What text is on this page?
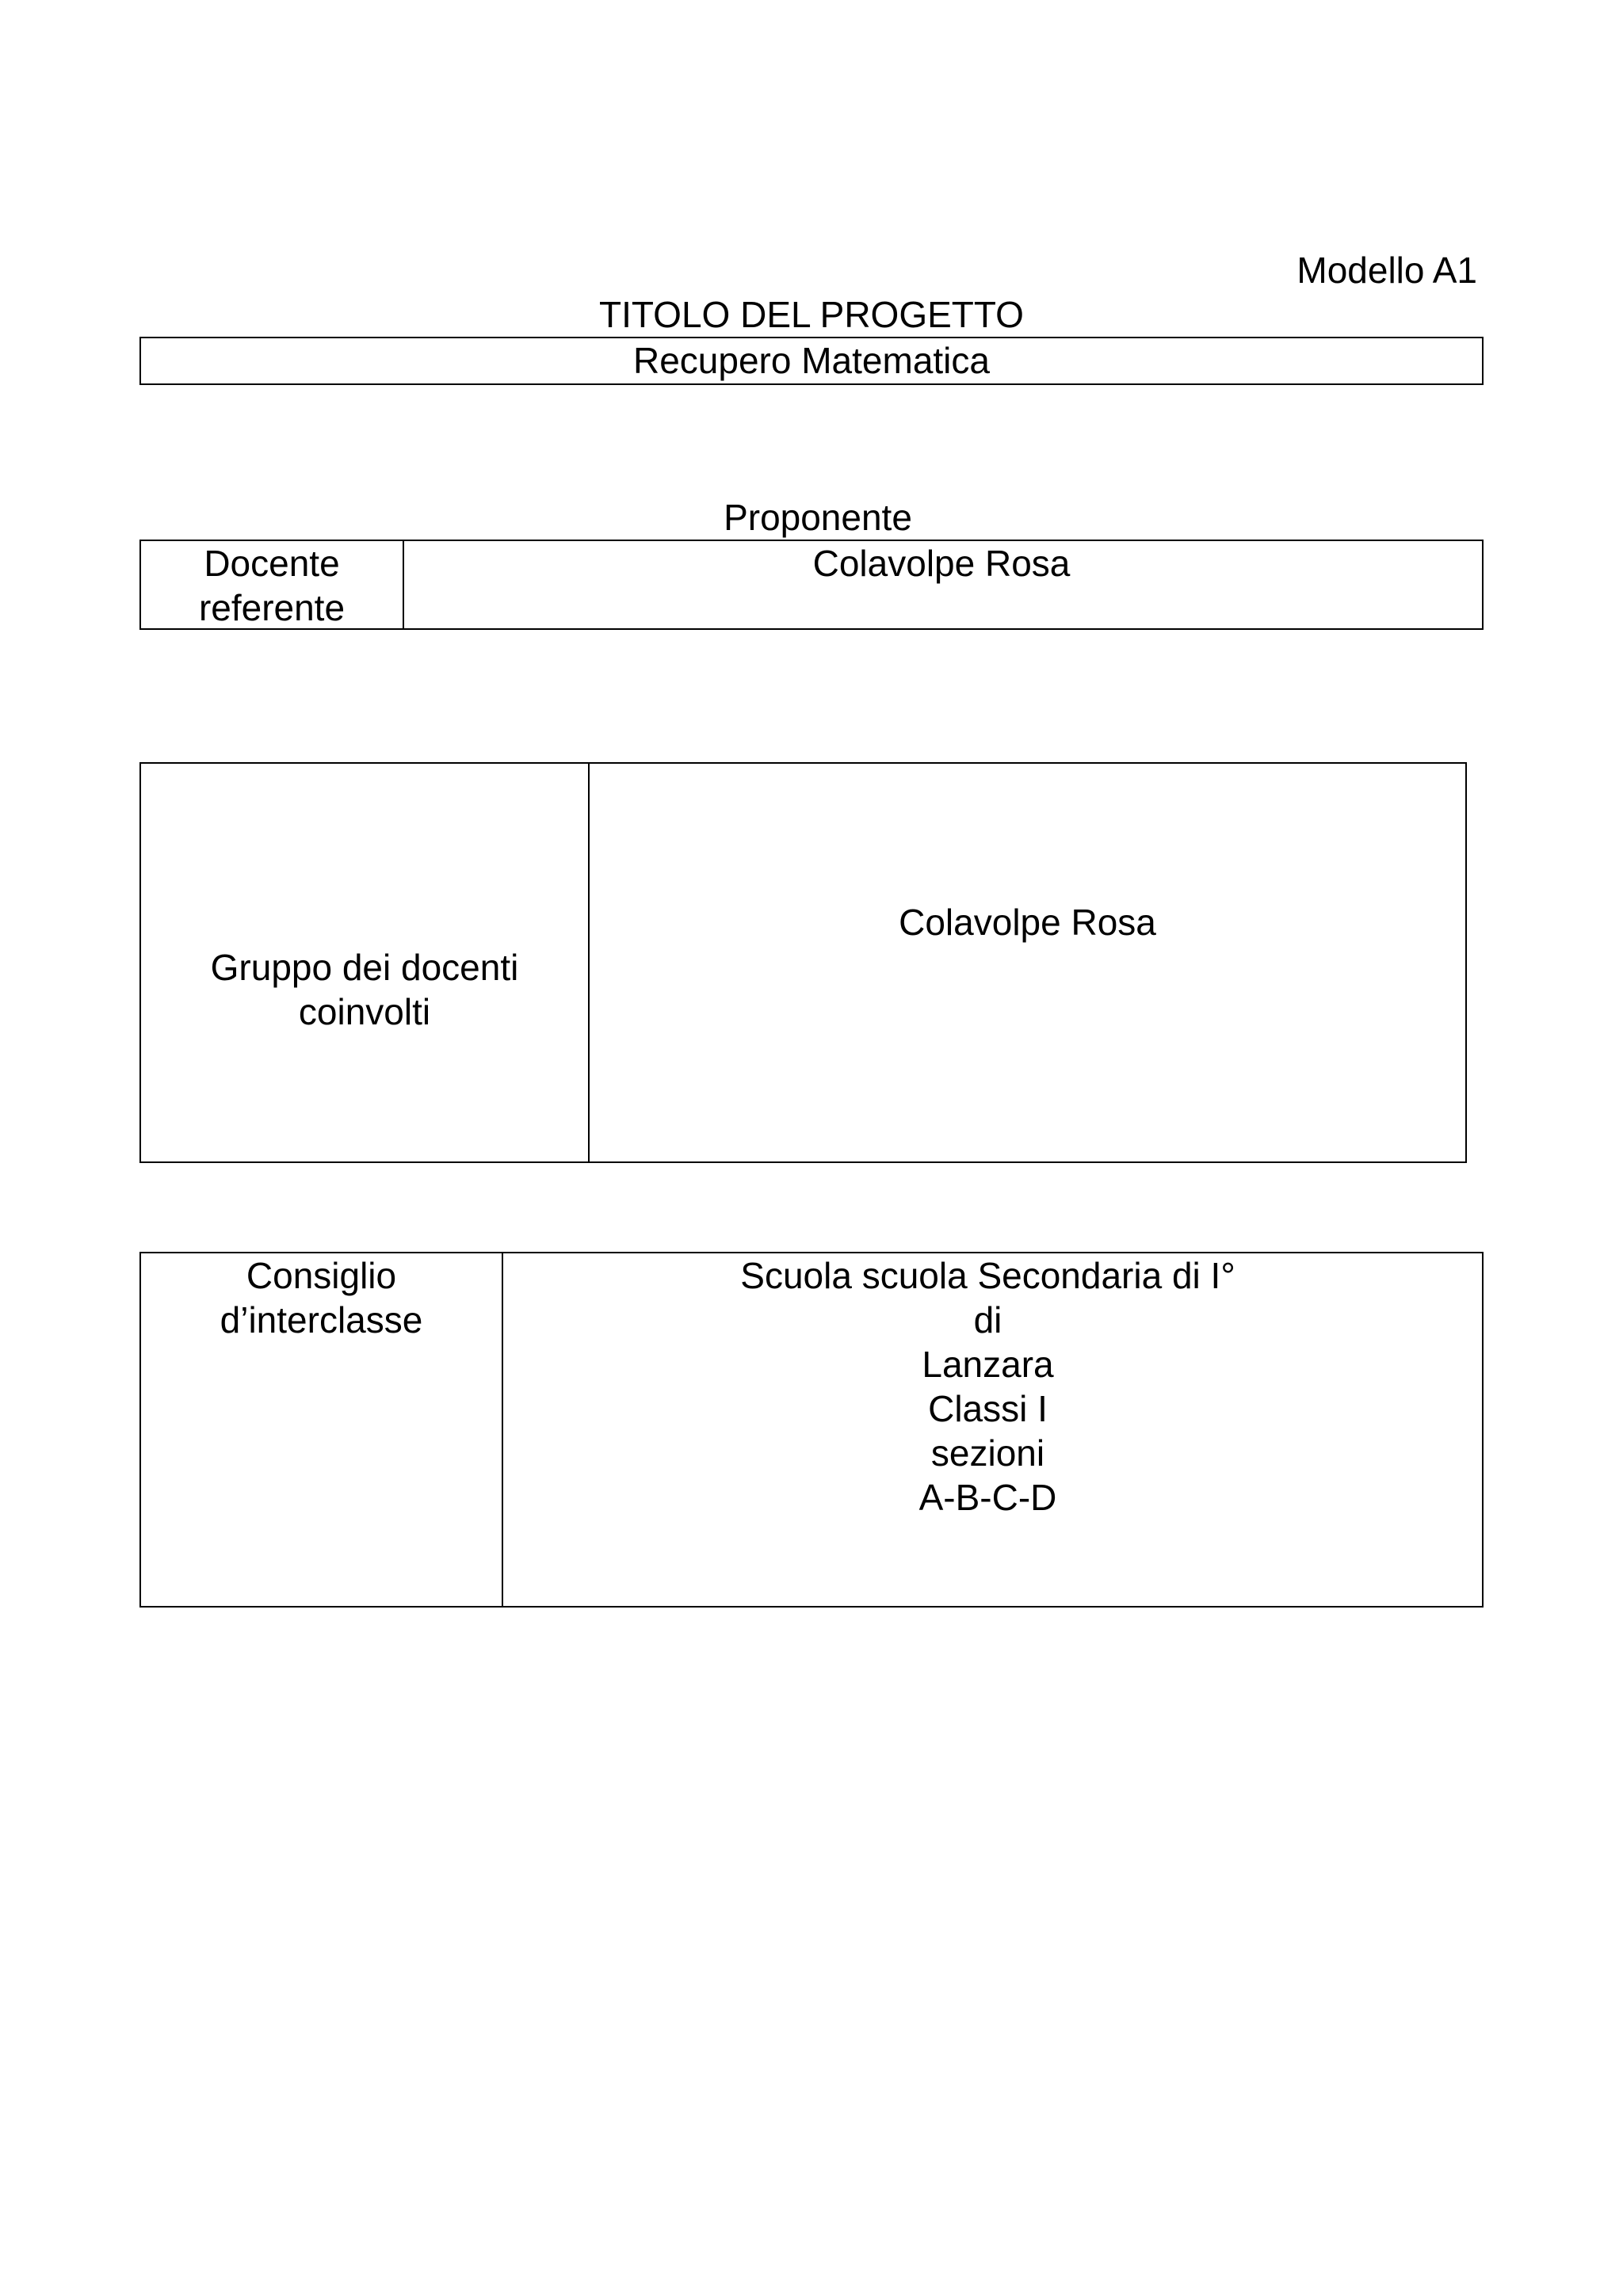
Modello A1
TITOLO DEL PROGETTO
Recupero Matematica
Proponente
Docente
referente
Colavolpe Rosa
Gruppo dei docenti
coinvolti
Colavolpe Rosa
Consiglio
d’interclasse
Scuola scuola Secondaria di I°
di
Lanzara
Classi I
sezioni
A-B-C-D
